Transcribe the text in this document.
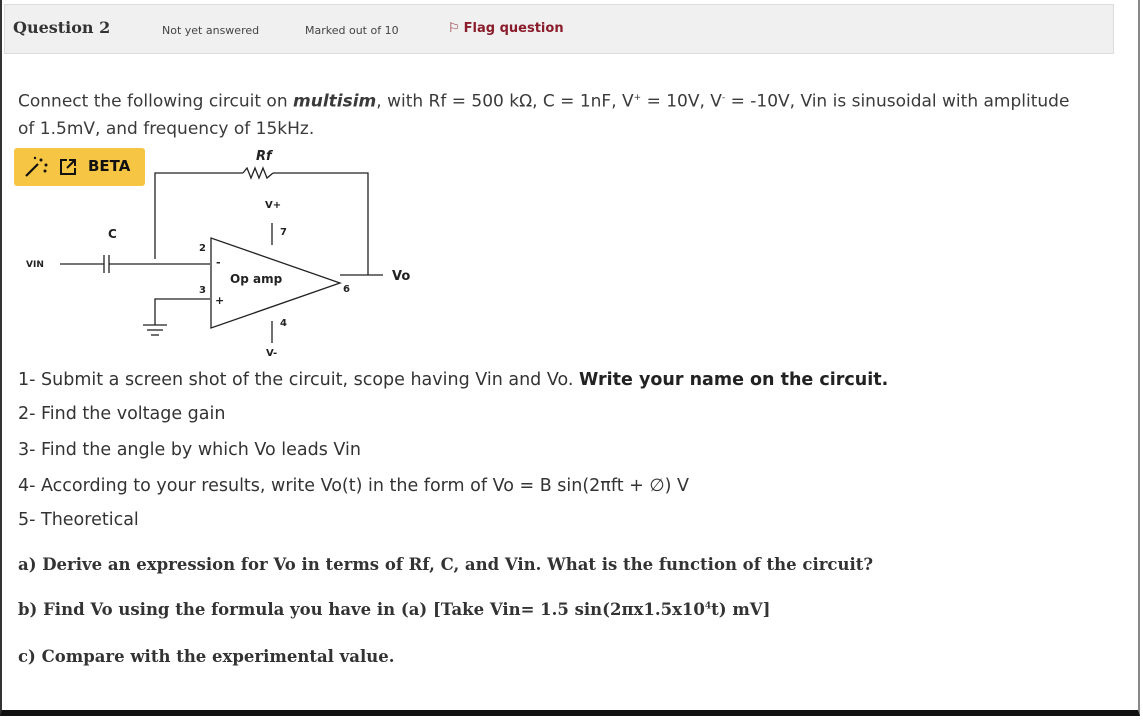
Question 2	Not yet answered	Marked out of 10	⚐ Flag question
Connect the following circuit on multisim, with Rf = 500 kΩ, C = 1nF, V+ = 10V, V- = -10V, Vin is sinusoidal with amplitude
of 1.5mV, and frequency of 15kHz.
Rf
C
VIN
V+
V-
Vo
Op amp
2
3
7
4
6
-
+
BETA
1- Submit a screen shot of the circuit, scope having Vin and Vo. Write your name on the circuit.
2- Find the voltage gain
3- Find the angle by which Vo leads Vin
4- According to your results, write Vo(t) in the form of Vo = B sin(2πft + ∅) V
5- Theoretical
a) Derive an expression for Vo in terms of Rf, C, and Vin. What is the function of the circuit?
b) Find Vo using the formula you have in (a) [Take Vin= 1.5 $\sin(2\pi x1.5x10^4t)$ mV]
c) Compare with the experimental value.
